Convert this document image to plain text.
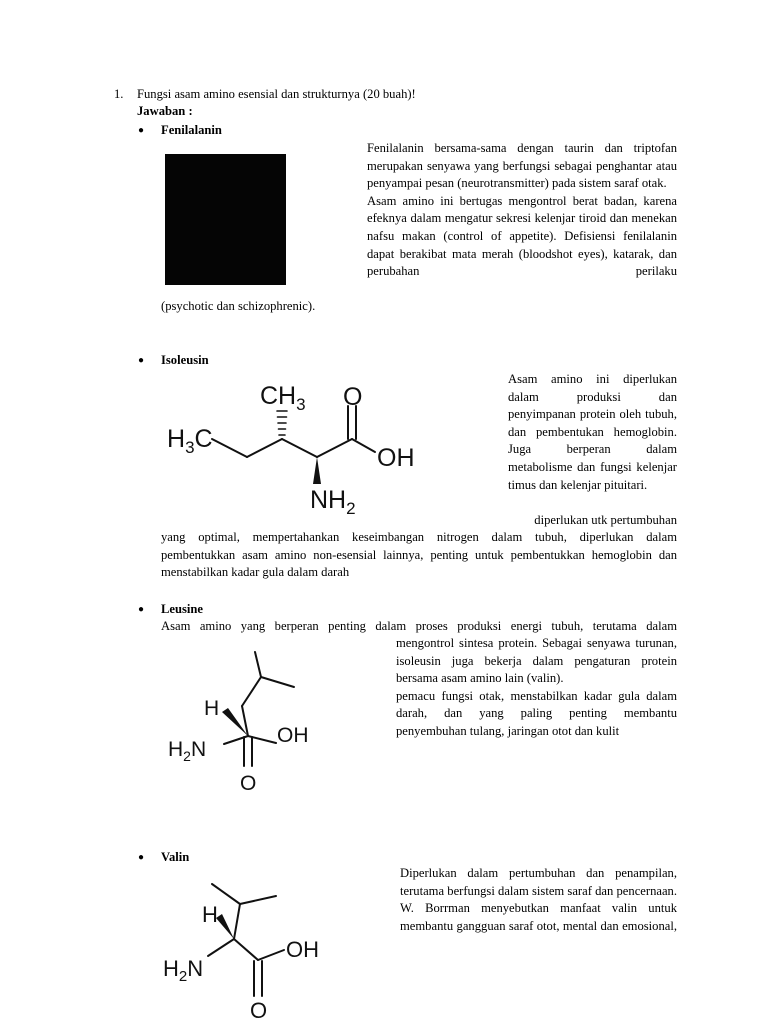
1. Fungsi asam amino esensial dan strukturnya (20 buah)!
Jawaban :
● Fenilalanin

Fenilalanin bersama-sama dengan taurin dan triptofan merupakan senyawa yang berfungsi sebagai penghantar atau penyampai pesan (neurotransmitter) pada sistem saraf otak.

Asam amino ini bertugas mengontrol berat badan, karena efeknya dalam mengatur sekresi kelenjar tiroid dan menekan nafsu makan (control of appetite). Defisiensi fenilalanin dapat berakibat mata merah (bloodshot eyes), katarak, dan perubahan perilaku

(psychotic dan schizophrenic).
● Isoleusin
$CH_3$
$H_3C$
O
OH
$NH_2$
Asam amino ini diperlukan dalam produksi dan penyimpanan protein oleh tubuh, dan pembentukan hemoglobin. Juga berperan dalam metabolisme dan fungsi kelenjar timus dan kelenjar pituitari.
diperlukan utk pertumbuhan
yang optimal, mempertahankan keseimbangan nitrogen dalam tubuh, diperlukan dalam pembentukkan asam amino non-esensial lainnya, penting untuk pembentukkan hemoglobin dan menstabilkan kadar gula dalam darah
● Leusine
Asam amino yang berperan penting dalam proses produksi energi tubuh, terutama dalam
H
$H_2N$
OH
O

mengontrol sintesa protein. Sebagai senyawa turunan, isoleusin juga bekerja dalam pengaturan protein bersama asam amino lain (valin).

pemacu fungsi otak, menstabilkan kadar gula dalam darah, dan yang paling penting membantu penyembuhan tulang, jaringan otot dan kulit

● Valin
H
$H_2N$
OH
O
Diperlukan dalam pertumbuhan dan penampilan, terutama berfungsi dalam sistem saraf dan pencernaan. W. Borrman menyebutkan manfaat valin untuk membantu gangguan saraf otot, mental dan emosional,
